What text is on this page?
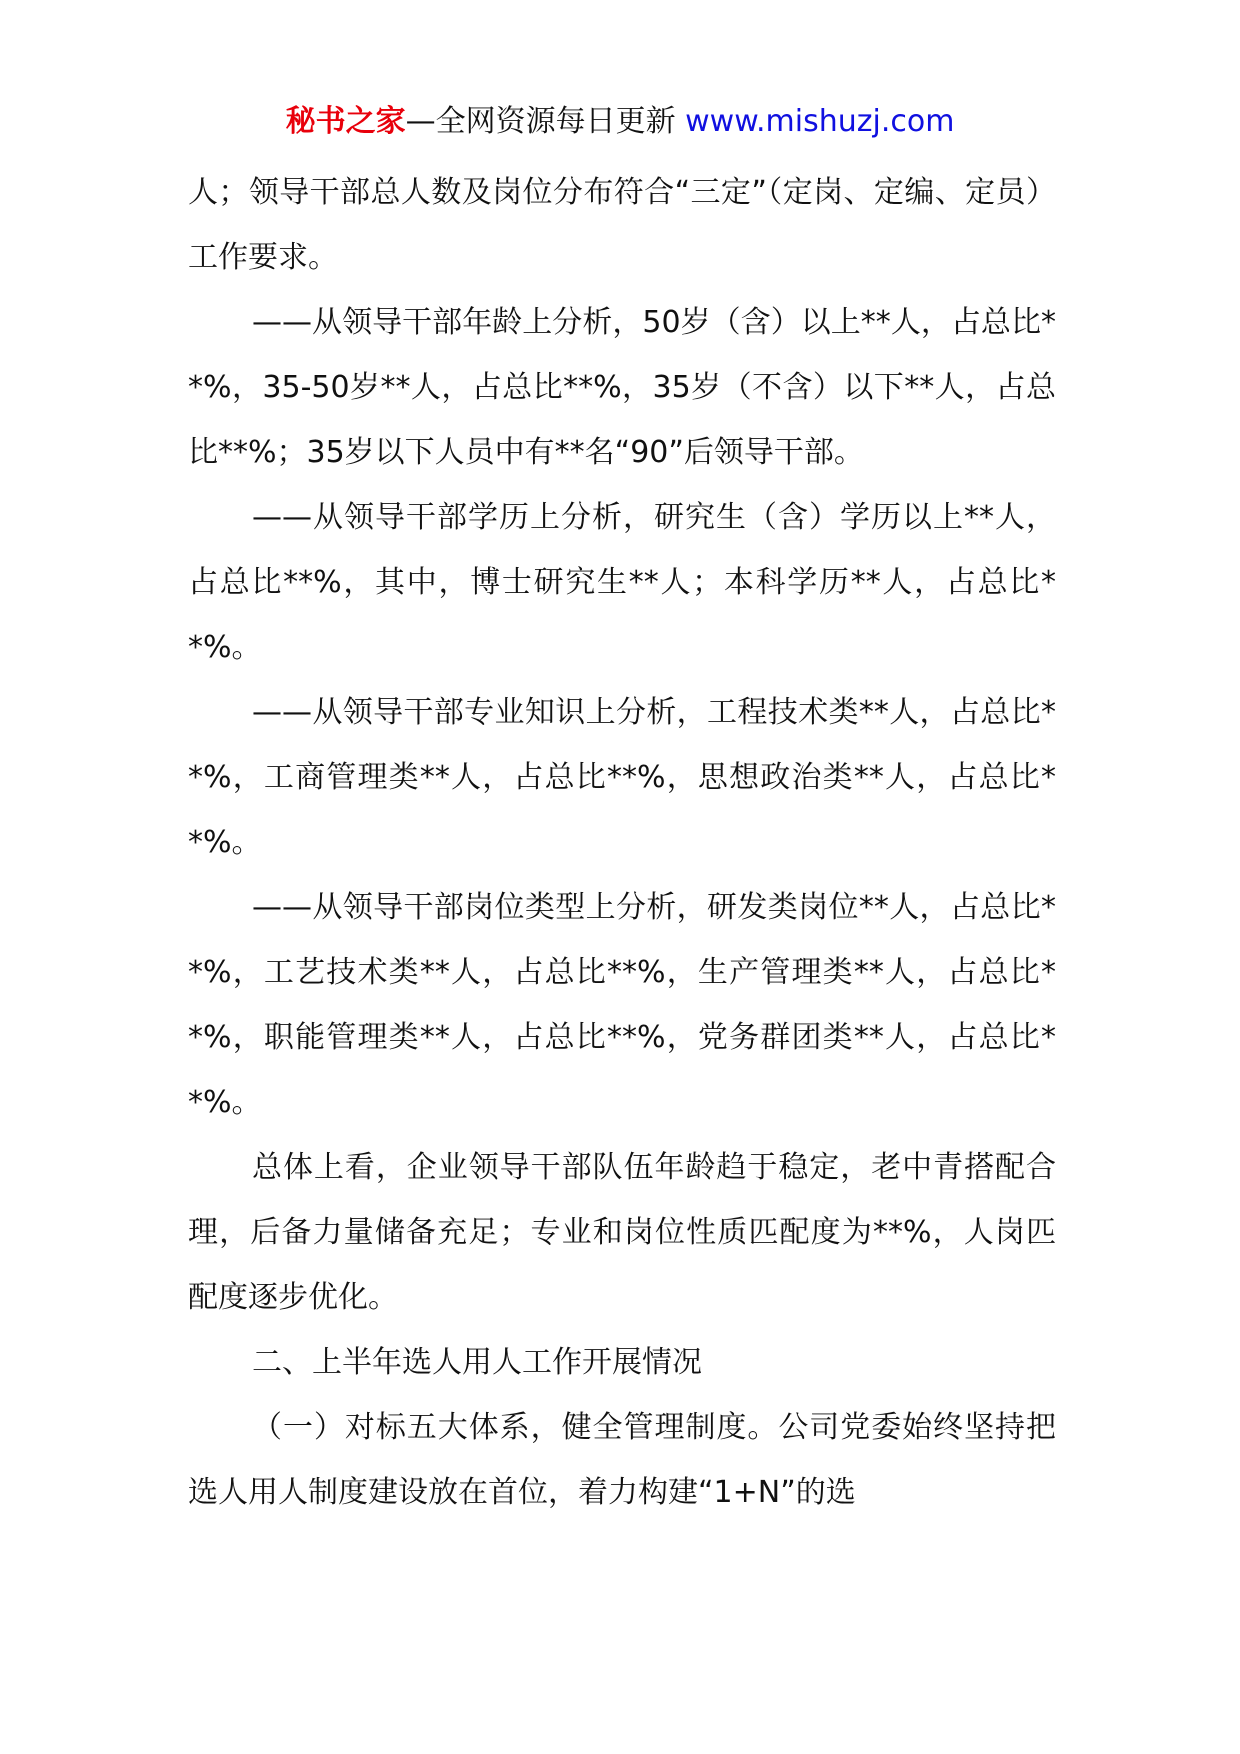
秘书之家—全网资源每日更新 www.mishuzj.com

人；领导干部总人数及岗位分布符合“三定”（定岗、定编、定员）工作要求。

——从领导干部年龄上分析，50岁（含）以上**人，占总比**%，35-50岁**人，占总比**%，35岁（不含）以下**人，占总比**%；35岁以下人员中有**名“90”后领导干部。

——从领导干部学历上分析，研究生（含）学历以上**人，占总比**%，其中，博士研究生**人；本科学历**人，占总比**%。

——从领导干部专业知识上分析，工程技术类**人，占总比**%，工商管理类**人，占总比**%，思想政治类**人，占总比**%。

——从领导干部岗位类型上分析，研发类岗位**人，占总比**%，工艺技术类**人，占总比**%，生产管理类**人，占总比**%，职能管理类**人，占总比**%，党务群团类**人，占总比**%。

总体上看，企业领导干部队伍年龄趋于稳定，老中青搭配合理，后备力量储备充足；专业和岗位性质匹配度为**%，人岗匹配度逐步优化。

二、上半年选人用人工作开展情况

（一）对标五大体系，健全管理制度。公司党委始终坚持把选人用人制度建设放在首位，着力构建“1+N”的选
